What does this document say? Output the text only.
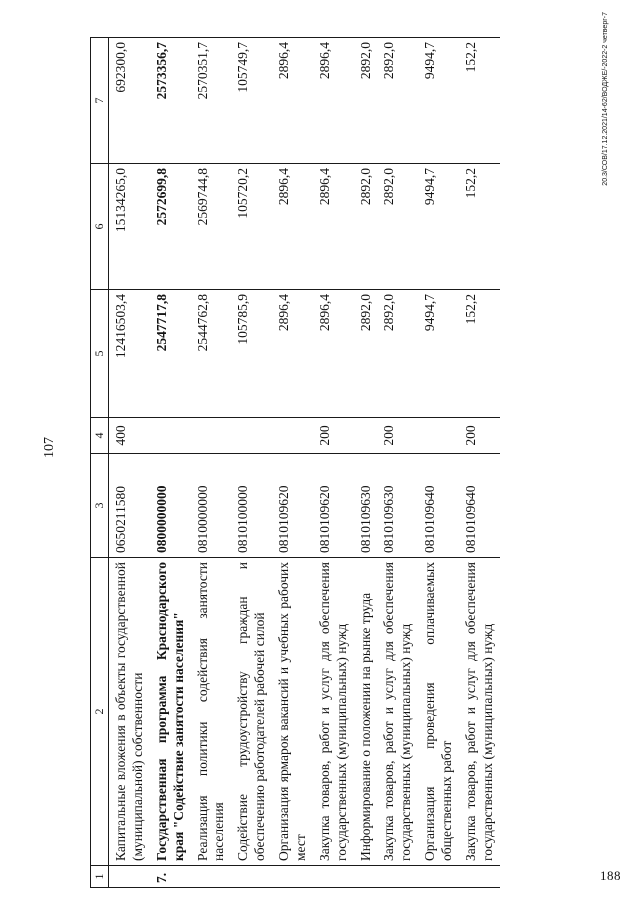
188
107
1	2	3	4	5	6	7
	Капитальные вложения в объекты государственной (муниципальной) собственности	0650211580	400	12416503,4	15134265,0	692300,0
7.	Государственная программа Краснодарского края "Содействие занятости населения"	0800000000		2547717,8	2572699,8	2573356,7
	Реализация политики содействия занятости населения	0810000000		2544762,8	2569744,8	2570351,7
	Содействие трудоустройству граждан и обеспечению работодателей рабочей силой	0810100000		105785,9	105720,2	105749,7
	Организация ярмарок вакансий и учебных рабочих мест	0810109620		2896,4	2896,4	2896,4
	Закупка товаров, работ и услуг для обеспечения государственных (муниципальных) нужд	0810109620	200	2896,4	2896,4	2896,4
	Информирование о положении на рынке труда	0810109630		2892,0	2892,0	2892,0
	Закупка товаров, работ и услуг для обеспечения государственных (муниципальных) нужд	0810109630	200	2892,0	2892,0	2892,0
	Организация проведения оплачиваемых общественных работ	0810109640		9494,7	9494,7	9494,7
	Закупка товаров, работ и услуг для обеспечения государственных (муниципальных) нужд	0810109640	200	152,2	152,2	152,2	20.3/СОВ/17.12.2021/14-62/ВОДЖЕ/-2022-2 четверг-7
